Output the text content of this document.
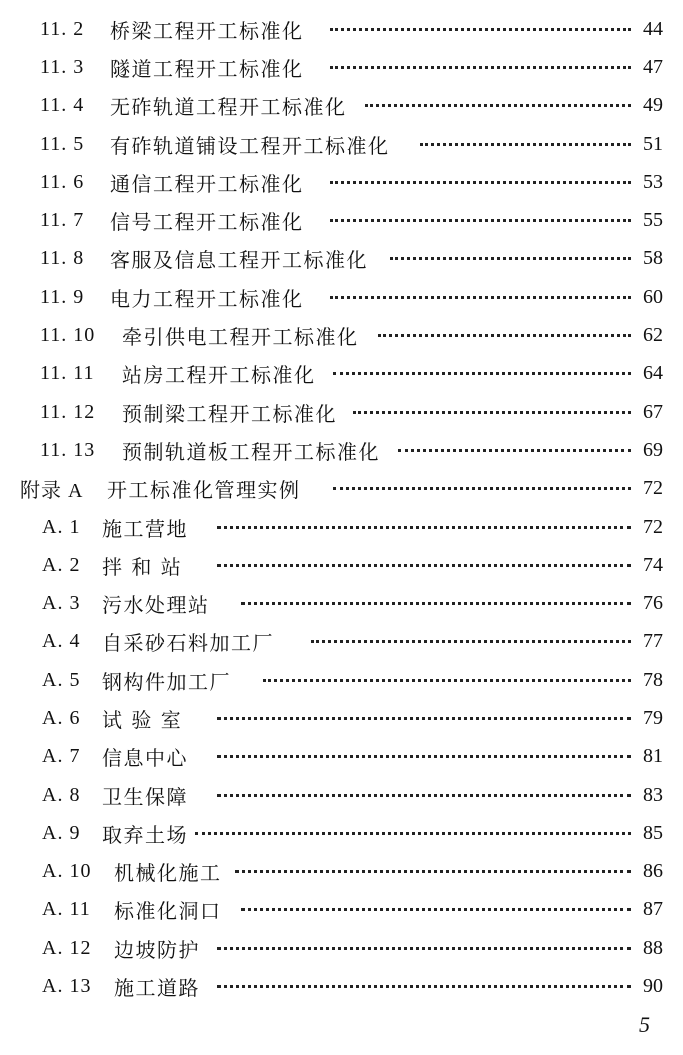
11. 2 桥梁工程开工标准化	44
11. 3 隧道工程开工标准化	47
11. 4 无砟轨道工程开工标准化	49
11. 5 有砟轨道铺设工程开工标准化	51
11. 6 通信工程开工标准化	53
11. 7 信号工程开工标准化	55
11. 8 客服及信息工程开工标准化	58
11. 9 电力工程开工标准化	60
11. 10 牵引供电工程开工标准化	62
11. 11 站房工程开工标准化	64
11. 12 预制梁工程开工标准化	67
11. 13 预制轨道板工程开工标准化	69
附录 A 开工标准化管理实例	72
A. 1 施工营地	72
A. 2 拌 和 站	74
A. 3 污水处理站	76
A. 4 自采砂石料加工厂	77
A. 5 钢构件加工厂	78
A. 6 试 验 室	79
A. 7 信息中心	81
A. 8 卫生保障	83
A. 9 取弃土场	85
A. 10 机械化施工	86
A. 11 标准化洞口	87
A. 12 边坡防护	88
A. 13 施工道路	90
5
